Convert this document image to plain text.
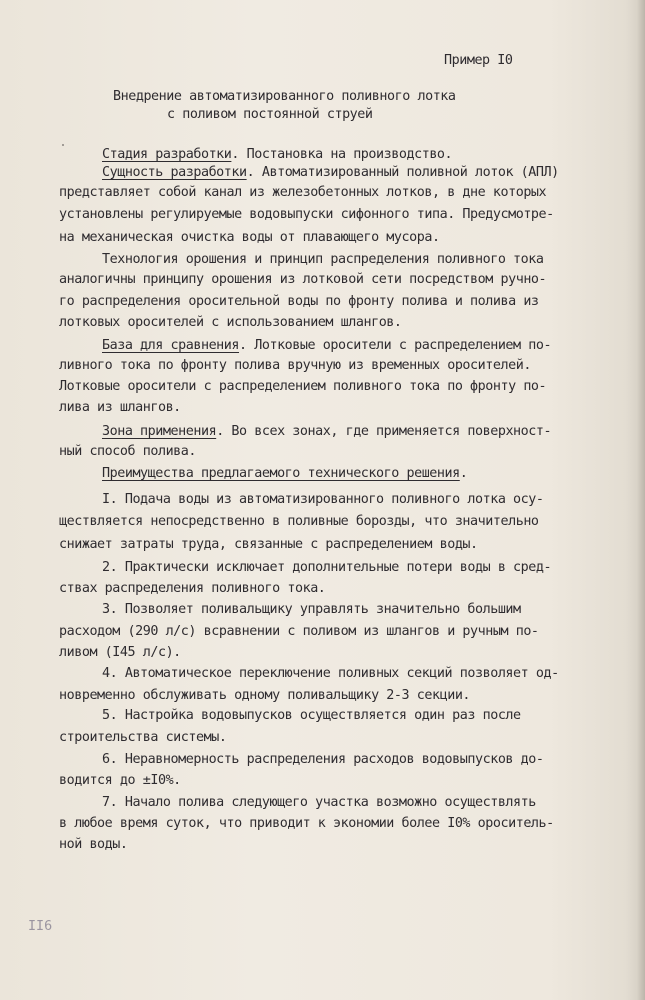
Пример I0
Внедрение автоматизированного поливного лотка
с поливом постоянной струей
Стадия разработки. Постановка на производство.
Сущность разработки. Автоматизированный поливной лоток (АПЛ)
представляет собой канал из железобетонных лотков, в дне которых
установлены регулируемые водовыпуски сифонного типа. Предусмотре-
на механическая очистка воды от плавающего мусора.
Технология орошения и принцип распределения поливного тока
аналогичны принципу орошения из лотковой сети посредством ручно-
го распределения оросительной воды по фронту полива и полива из
лотковых оросителей с использованием шлангов.
База для сравнения. Лотковые оросители с распределением по-
ливного тока по фронту полива вручную из временных оросителей.
Лотковые оросители с распределением поливного тока по фронту по-
лива из шлангов.
Зона применения. Во всех зонах, где применяется поверхност-
ный способ полива.
Преимущества предлагаемого технического решения.
I. Подача воды из автоматизированного поливного лотка осу-
ществляется непосредственно в поливные борозды, что значительно
снижает затраты труда, связанные с распределением воды.
2. Практически исключает дополнительные потери воды в сред-
ствах распределения поливного тока.
3. Позволяет поливальщику управлять значительно большим
расходом (290 л/с) всравнении с поливом из шлангов и ручным по-
ливом (I45 л/с).
4. Автоматическое переключение поливных секций позволяет од-
новременно обслуживать одному поливальщику 2-3 секции.
5. Настройка водовыпусков осуществляется один раз после
строительства системы.
6. Неравномерность распределения расходов водовыпусков до-
водится до ±I0%.
7. Начало полива следующего участка возможно осуществлять
в любое время суток, что приводит к экономии более I0% ороситель-
ной воды.
II6
